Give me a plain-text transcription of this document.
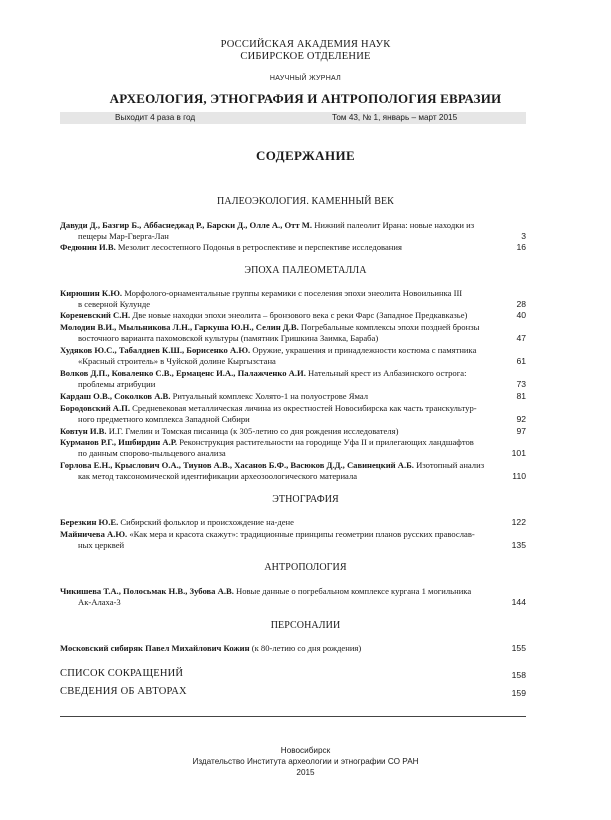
РОССИЙСКАЯ АКАДЕМИЯ НАУК
СИБИРСКОЕ ОТДЕЛЕНИЕ
НАУЧНЫЙ ЖУРНАЛ
АРХЕОЛОГИЯ, ЭТНОГРАФИЯ И АНТРОПОЛОГИЯ ЕВРАЗИИ
Выходит 4 раза в год	Том 43, № 1, январь – март 2015
СОДЕРЖАНИЕ
ПАЛЕОЭКОЛОГИЯ. КАМЕННЫЙ ВЕК
Давуди Д., Базгир Б., Аббаснеджад Р., Барски Д., Олле А., Отт М. Нижний палеолит Ирана: новые находки из
пещеры Мар-Гверга-Лан	3
Федюнин И.В. Мезолит лесостепного Подонья в ретроспективе и перспективе исследования	16
ЭПОХА ПАЛЕОМЕТАЛЛА
Кирюшин К.Ю. Морфолого-орнаментальные группы керамики с поселения эпохи энеолита Новоильинка III
в северной Кулунде	28
Кореневский С.Н. Две новые находки эпохи энеолита – бронзового века с реки Фарс (Западное Предкавказье)	40
Молодин В.И., Мыльникова Л.Н., Гаркуша Ю.Н., Селин Д.В. Погребальные комплексы эпохи поздней бронзы
восточного варианта пахомовской культуры (памятник Гришкина Заимка, Бараба)	47
Худяков Ю.С., Табалдиев К.Ш., Борисенко А.Ю. Оружие, украшения и принадлежности костюма с памятника
«Красный строитель» в Чуйской долине Кыргызстана	61
Волков Д.П., Коваленко С.В., Ермаценс И.А., Палажченко А.И. Нательный крест из Албазинского острога:
проблемы атрибуции	73
Кардаш О.В., Соколков А.В. Ритуальный комплекс Холято-1 на полуострове Ямал	81
Бородовский А.П. Средневековая металлическая личина из окрестностей Новосибирска как часть транскультур-
ного предметного комплекса Западной Сибири	92
Ковтун И.В. И.Г. Гмелин и Томская писаница (к 305-летию со дня рождения исследователя)	97
Курманов Р.Г., Ишбирдин А.Р. Реконструкция растительности на городище Уфа II и прилегающих ландшафтов
по данным спорово-пыльцевого анализа	101
Горлова Е.Н., Крыслович О.А., Тиунов А.В., Хасанов Б.Ф., Васюков Д.Д., Савинецкий А.Б. Изотопный анализ
как метод таксономической идентификации археозоологического материала	110
ЭТНОГРАФИЯ
Березкин Ю.Е. Сибирский фольклор и происхождение на-дене	122
Майничева А.Ю. «Как мера и красота скажут»: традиционные принципы геометрии планов русских православ-
ных церквей	135
АНТРОПОЛОГИЯ
Чикишева Т.А., Полосьмак Н.В., Зубова А.В. Новые данные о погребальном комплексе кургана 1 могильника
Ак-Алаха-3	144
ПЕРСОНАЛИИ
Московский сибиряк Павел Михайлович Кожин (к 80-летию со дня рождения)	155
СПИСОК СОКРАЩЕНИЙ	158
СВЕДЕНИЯ ОБ АВТОРАХ	159
Новосибирск
Издательство Института археологии и этнографии СО РАН
2015
